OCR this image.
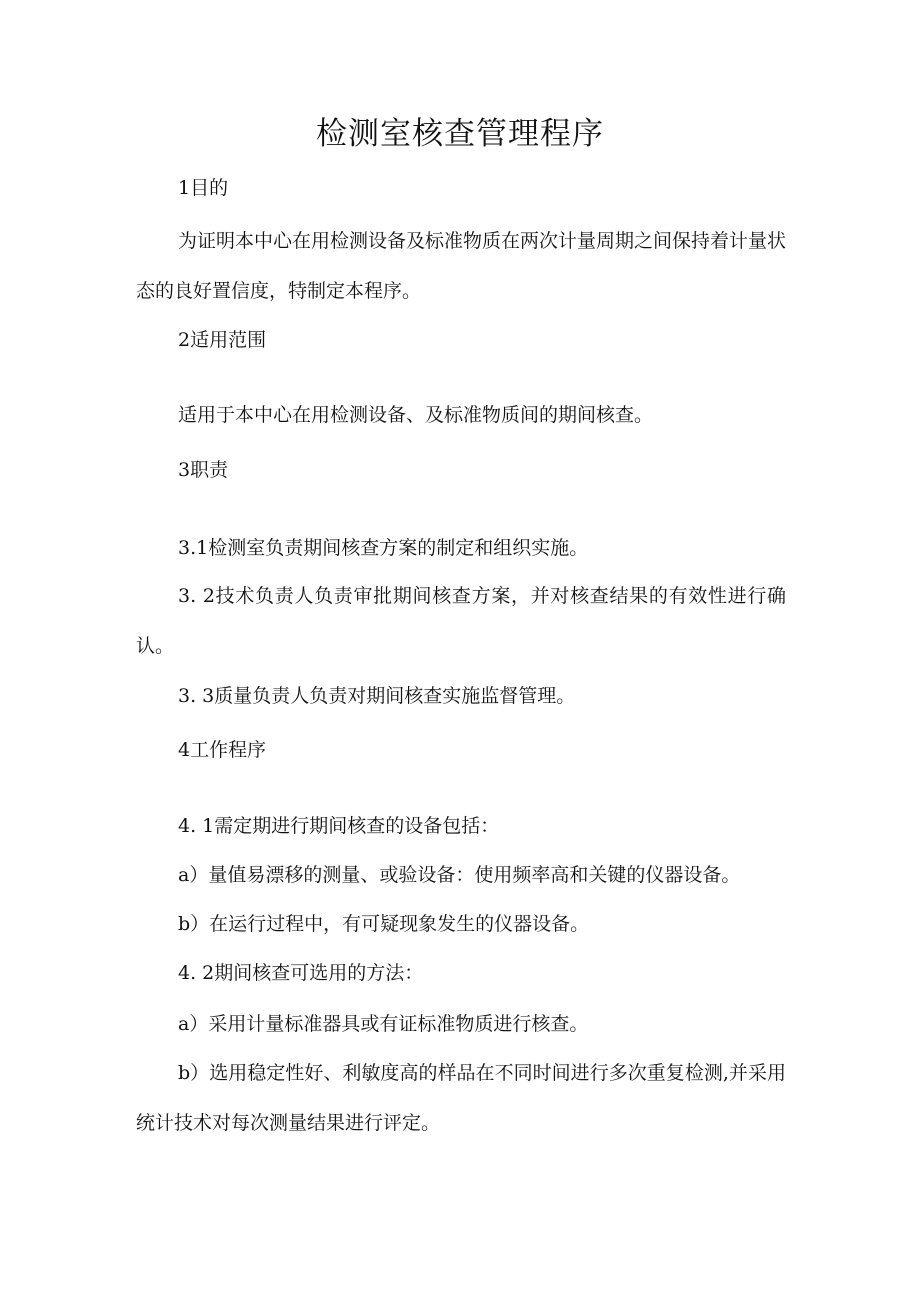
检测室核查管理程序

1目的

为证明本中心在用检测设备及标准物质在两次计量周期之间保持着计量状态的良好置信度，特制定本程序。

2适用范围

适用于本中心在用检测设备、及标准物质间的期间核查。

3职责

3.1检测室负责期间核查方案的制定和组织实施。

3. 2技术负责人负责审批期间核查方案，并对核查结果的有效性进行确认。

3. 3质量负责人负责对期间核查实施监督管理。

4工作程序

4. 1需定期进行期间核查的设备包括：

a）量值易漂移的测量、或验设备：使用频率高和关键的仪器设备。

b）在运行过程中，有可疑现象发生的仪器设备。

4. 2期间核查可选用的方法：

a）采用计量标准器具或有证标准物质进行核查。

b）选用稳定性好、利敏度高的样品在不同时间进行多次重复检测,并采用统计技术对每次测量结果进行评定。
